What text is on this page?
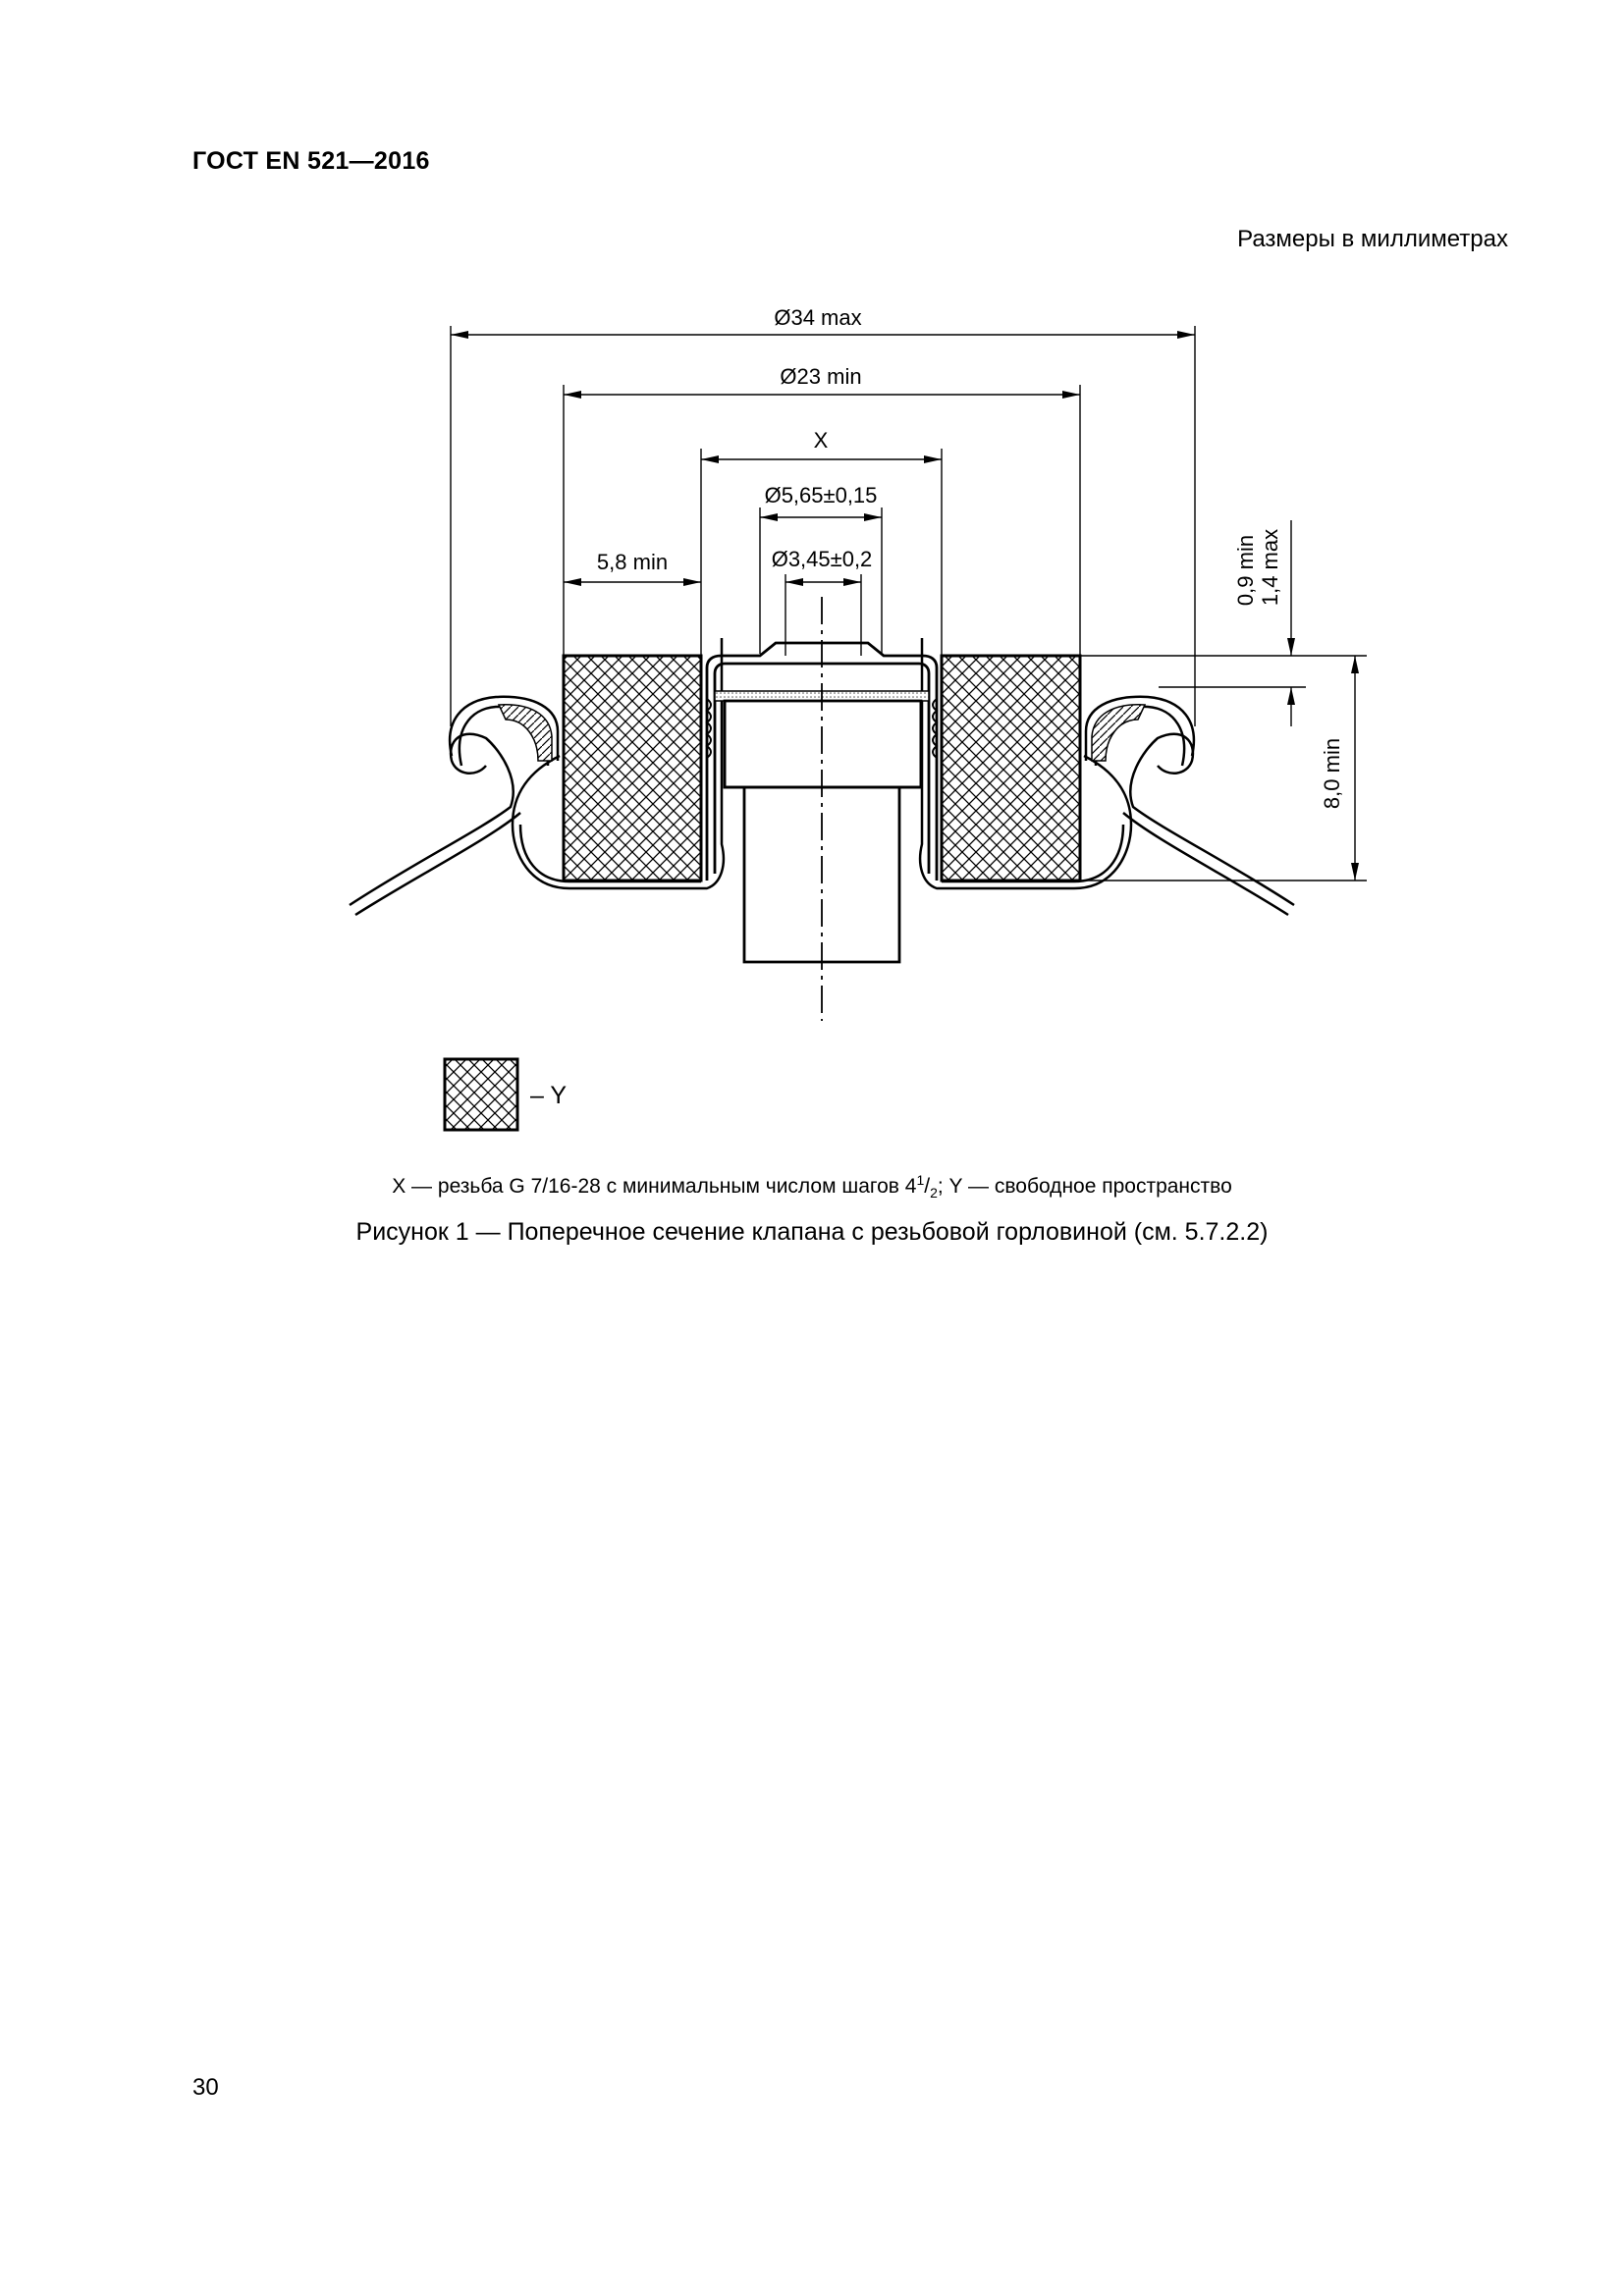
ГОСТ EN 521—2016
Размеры в миллиметрах
Ø34 max
Ø23 min
X
Ø5,65±0,15
Ø3,45±0,2
5,8 min	0,9 min 1,4 max
8,0 min
– Y
X — резьба G 7/16-28 с минимальным числом шагов $4^1/_2$; Y — свободное пространство
Рисунок 1 — Поперечное сечение клапана с резьбовой горловиной (см. 5.7.2.2)
30
